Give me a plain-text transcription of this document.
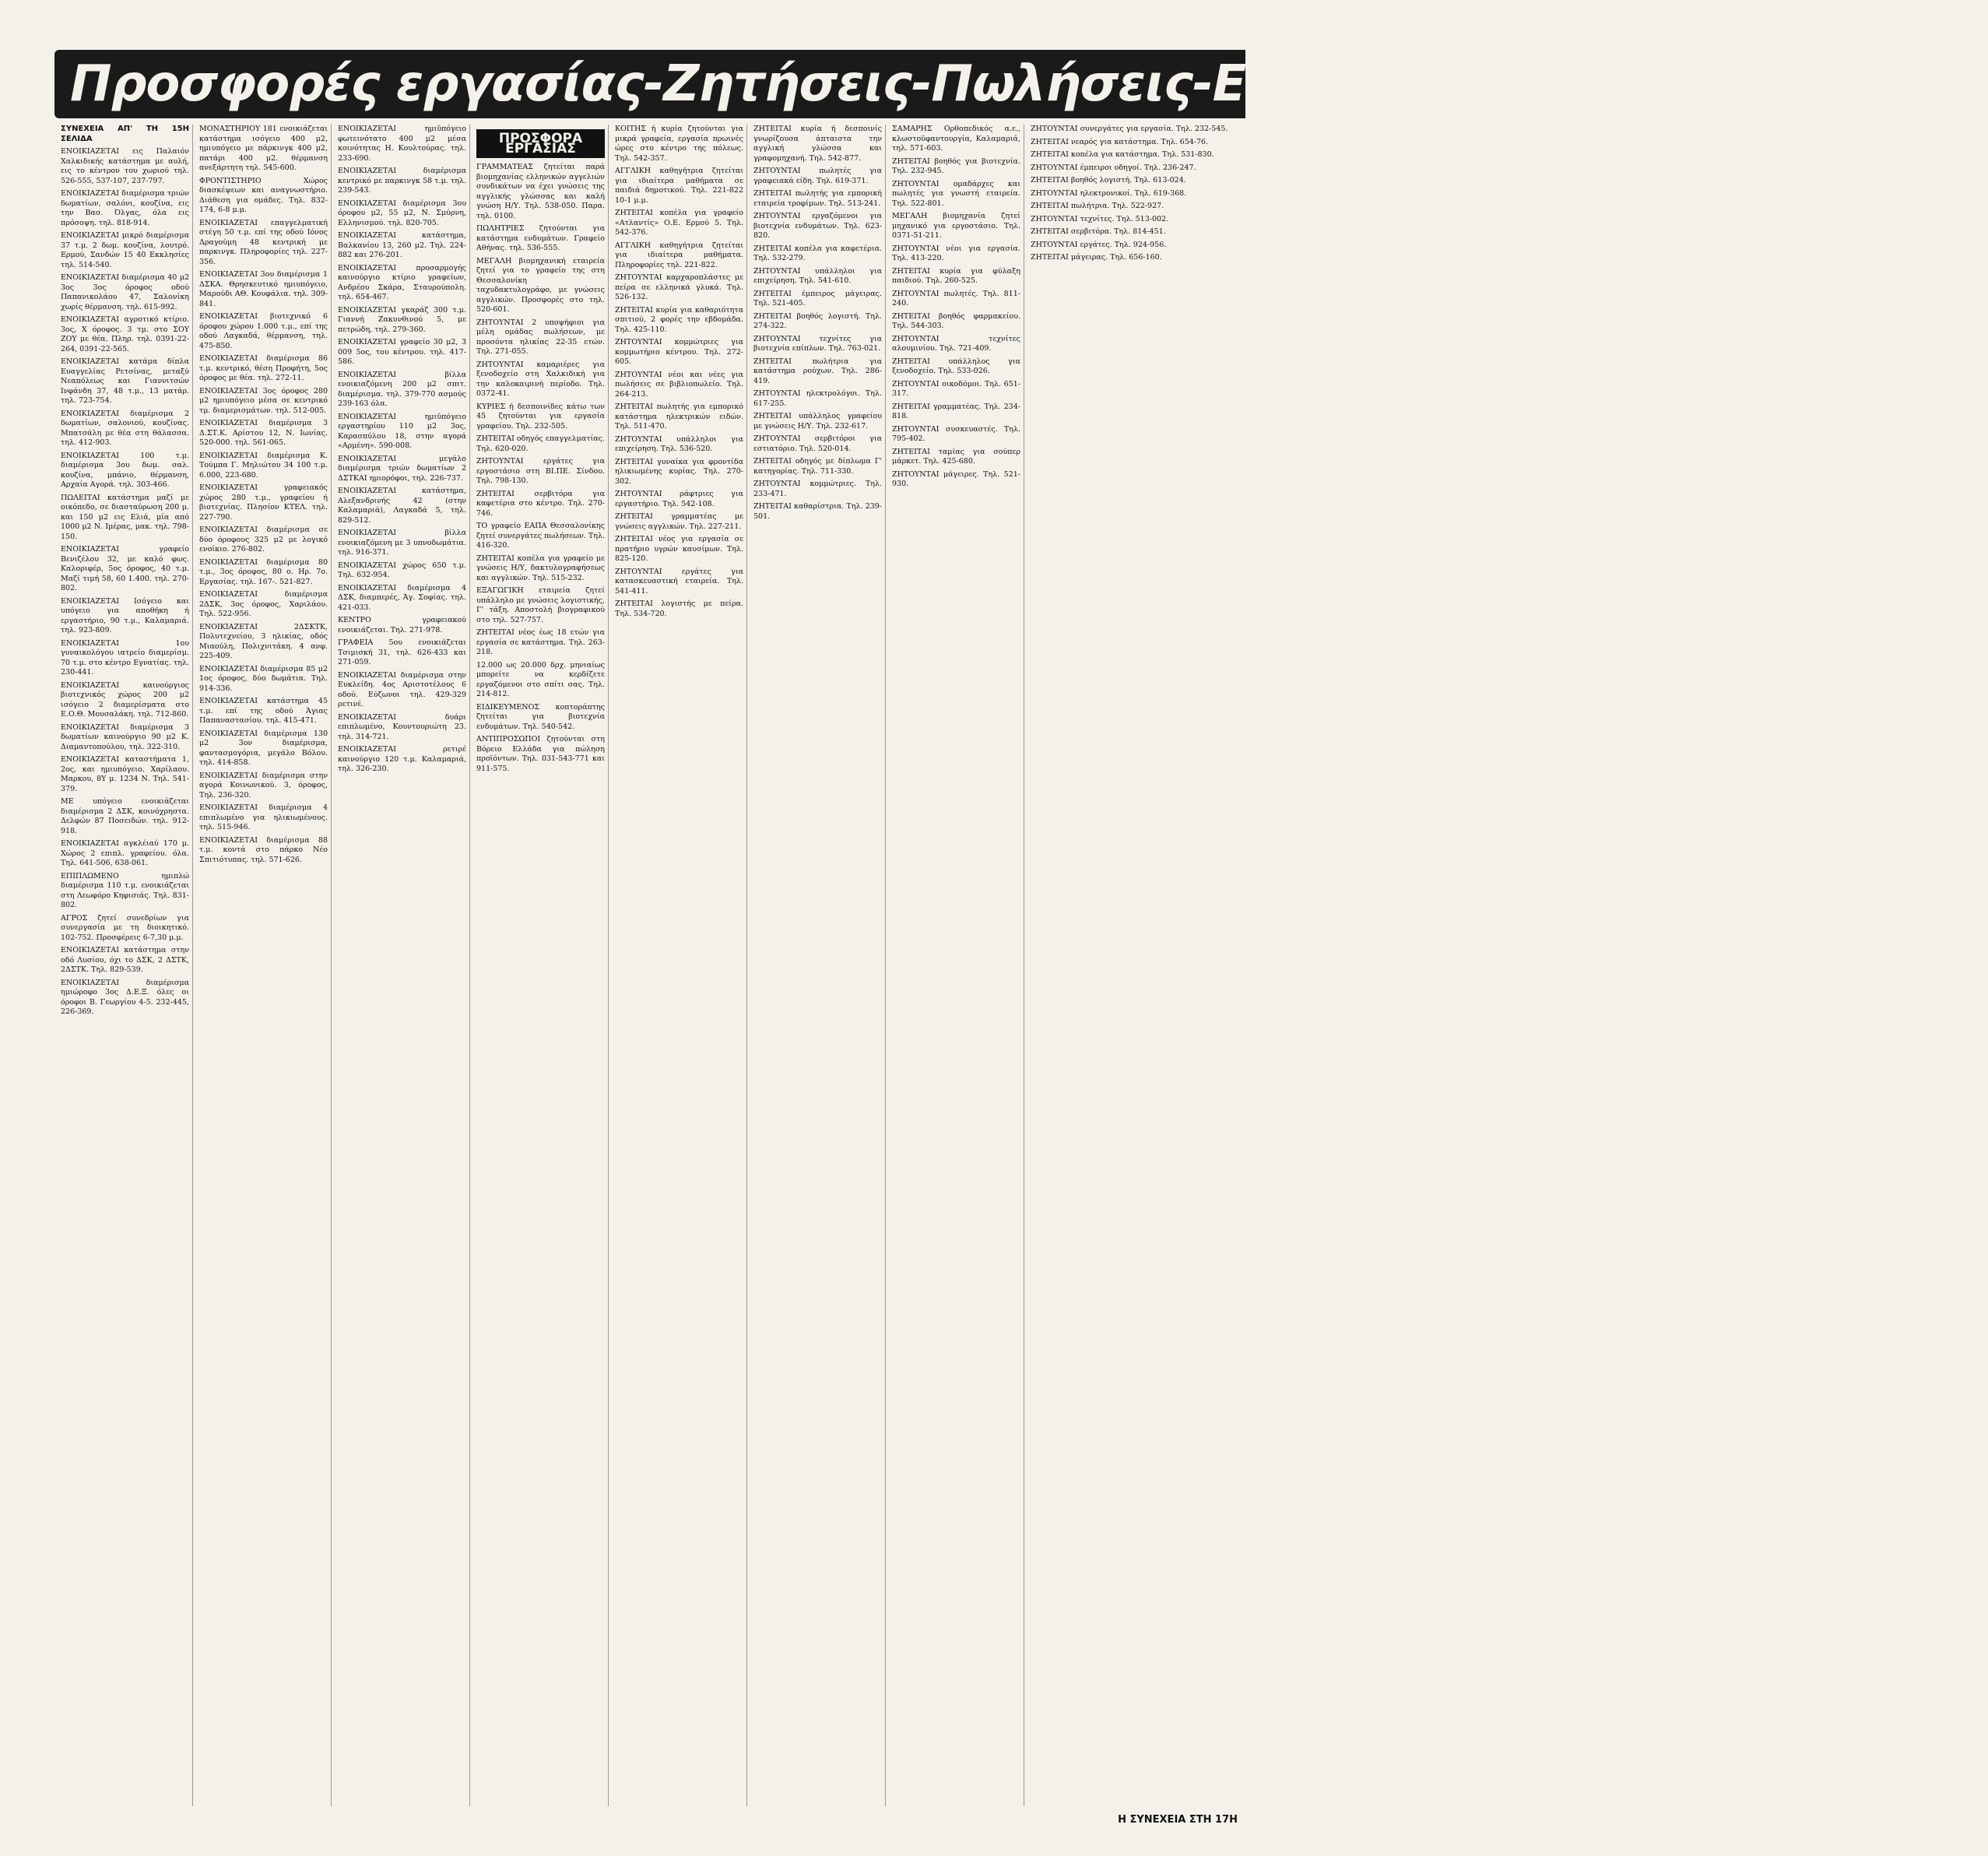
Προσφορές εργασίας-Ζητήσεις-Πωλήσεις-Ενοικιάσεις-Αγορές-Ακίνητα
ΣΥΝΕΧΕΙΑ ΑΠ' ΤΗ 15Η ΣΕΛΙΔΑ

ΕΝΟΙΚΙΑΖΕΤΑΙ εις Παλαιόν Χαλκιδικής κατάστημα με αυλή, εις το κέντρον του χωριού τηλ. 526-555, 537-107, 237-797.

ΕΝΟΙΚΙΑΖΕΤΑΙ διαμέρισμα τριών δωματίων, σαλόνι, κουζίνα, εις την Βασ. Όλγας, όλα εις πρόσοψη. τηλ. 818-914.

ΕΝΟΙΚΙΑΖΕΤΑΙ μικρό διαμέρισμα 37 τ.μ. 2 δωμ. κουζίνα, λουτρό. Ερμού, Σανδών 15 40 Εκκλησίες τηλ. 514-540.

ΕΝΟΙΚΙΑΖΕΤΑΙ διαμέρισμα 40 μ2 3ος 3ος όροφος οδού Παπανικολάου 47, Σαλονίκη χωρίς θέρμανση. τηλ. 615-992.

ΕΝΟΙΚΙΑΖΕΤΑΙ αγροτικό κτίριο. 3ος, Χ όροφος. 3 τμ. στο ΣΟΥ ΖΟΥ με θέα. Πληρ. τηλ. 0391-22-264, 0391-22-565.

ΕΝΟΙΚΙΑΖΕΤΑΙ κατάμα δίπλα Ευαγγελίας Ρετσίνας, μεταξύ Νεαπόλεως και Γιαννιτσών Ινφάνδη 37, 48 τ.μ., 13 ματάρ. τηλ. 723-754.

ΕΝΟΙΚΙΑΖΕΤΑΙ διαμέρισμα 2 δωματίων, σαλονιού, κουζίνας. Μπατσάλη με θέα στη θάλασσα. τηλ. 412-903.

ΕΝΟΙΚΙΑΖΕΤΑΙ 100 τ.μ. διαμέρισμα 3ου δωμ. σαλ. κουζίνα, μπάνιο, θέρμανση, Αρχαία Αγορά. τηλ. 303-466.

ΠΩΛΕΙΤΑΙ κατάστημα μαζί με οικόπεδο, σε διασταύρωση 200 μ. και 150 μ2 εις Ελιά, μία από 1000 μ2 Ν. Ιμέρας, μακ. τηλ. 798-150.

ΕΝΟΙΚΙΑΖΕΤΑΙ γραφείο Βενιζέλου 32, με καλό φως. Καλοριφέρ, 5ος όροφος, 40 τ.μ. Μαζί τιμή 58, 60 1.400. τηλ. 270-802.

ΕΝΟΙΚΙΑΖΕΤΑΙ Ισόγειο και υπόγειο για αποθήκη ή εργαστήριο, 90 τ.μ., Καλαμαριά. τηλ. 923-809.

ΕΝΟΙΚΙΑΖΕΤΑΙ 1ου γυναικολόγου ιατρείο διαμερίσμ. 70 τ.μ. στο κέντρο Εγνατίας. τηλ. 230-441.

ΕΝΟΙΚΙΑΖΕΤΑΙ καινούργιος βιοτεχνικός χώρος 200 μ2 ισόγειο 2 διαμερίσματα στο Ε.Ο.Θ. Μουσαλάκη. τηλ. 712-860.

ΕΝΟΙΚΙΑΖΕΤΑΙ διαμέρισμα 3 δωματίων καινούργιο 90 μ2 Κ. Διαμαντοπούλου, τηλ. 322-310.

ΕΝΟΙΚΙΑΖΕΤΑΙ καταστήματα 1, 2ος, και ημιυπόγειο. Χαρίλαου. Μαρκου, 8Υ μ. 1234 Ν. Τηλ. 541-379.

ΜΕ υπόγειο ενοικιάζεται διαμέρισμα 2 ΔΣΚ, κοινόχρηστα. Δελφών 87 Ποσειδών. τηλ. 912-918.

ΕΝΟΙΚΙΑΖΕΤΑΙ αγκλέιαύ 170 μ. Χώρος 2 επιπλ. γραφείου. όλα. Τηλ. 641-506, 638-061.

ΕΠΙΠΛΩΜΕΝΟ ημιπλώ διαμέρισμα 110 τ.μ. ενοικιάζεται στη Λεωφόρο Κηφισιάς. Τηλ. 831-802.

ΑΓΡΟΣ ζητεί συνεδρίων για συνεργασία με τη διοικητικό. 102-752. Προσφέρεις 6-7,30 μ.μ.

ΕΝΟΙΚΙΑΖΕΤΑΙ κατάστημα στην οδό Λυσίου, όχι το ΔΣΚ, 2 ΔΣΤΚ, 2ΔΣΤΚ. Τηλ. 829-539.

ΕΝΟΙΚΙΑΖΕΤΑΙ διαμέρισμα ημιώροφο 3ος Δ.Ε.Ξ. όλες οι όροφοι Β. Γεωργίου 4-5. 232-445, 226-369.

ΜΟΝΑΣΤΗΡΙΟΥ 181 ενοικιάζεται κατάστημα ισόγειο 400 μ2, ημιυπόγειο με πάρκινγκ 400 μ2, πατάρι 400 μ2. θέρμανση ανεξάρτητη τηλ. 545-600.

ΦΡΟΝΤΙΣΤΗΡΙΟ Χώρος διασκέψεων και αναγνωστήριο. Διάθεση για ομάδες. Τηλ. 832-174, 6-8 μ.μ.

ΕΝΟΙΚΙΑΖΕΤΑΙ επαγγελματική στέγη 50 τ.μ. επί της οδού Ιόνος Δραγούμη 48 κεντρική με παρκινγκ. Πληροφορίες τηλ. 227-356.

ΕΝΟΙΚΙΑΖΕΤΑΙ 3ου διαμέρισμα 1 ΔΣΚΑ. Θρησκευτικό ημιυπόγειο, Μαρούδι ΑΘ. Κουφάλια. τηλ. 309-841.

ΕΝΟΙΚΙΑΖΕΤΑΙ βιοτεχνικό 6 όροφου χώρου 1.000 τ.μ., επί της οδού Λαγκαδά, θέρμανση, τηλ. 475-850.

ΕΝΟΙΚΙΑΖΕΤΑΙ διαμέρισμα 86 τ.μ. κεντρικό, θέση Προφήτη, 5ος όροφος με θέα. τηλ. 272-11.

ΕΝΟΙΚΙΑΖΕΤΑΙ 3ος όροφος 280 μ2 ημιυπόγειο μέσα σε κεντρικό τμ. διαμερισμάτων. τηλ. 512-005.

ΕΝΟΙΚΙΑΖΕΤΑΙ διαμέρισμα 3 Δ.ΣΤ.Κ. Αρίστου 12, Ν. Ιωνίας. 520-000. τηλ. 561-065.

ΕΝΟΙΚΙΑΖΕΤΑΙ διαμέρισμα Κ. Τούμπα Γ. Μηλιώτου 34 100 τ.μ. 6.000, 223-680.

ΕΝΟΙΚΙΑΖΕΤΑΙ γραφειακός χώρος 280 τ.μ., γραφείου ή βιοτεχνίας. Πλησίον ΚΤΕΛ. τηλ. 227-790.

ΕΝΟΙΚΙΑΖΕΤΑΙ διαμέρισμα σε δύο όροφους 325 μ2 με λογικό ενοίκιο. 276-802.

ΕΝΟΙΚΙΑΖΕΤΑΙ διαμέρισμα 80 τ.μ., 3ος όροφος, 80 ο. Ηρ. 7ο. Εργασίας. τηλ. 167-. 521-827.

ΕΝΟΙΚΙΑΖΕΤΑΙ διαμέρισμα 2ΔΣΚ, 3ος όροφος, Χαριλάου. Τηλ. 522-956.

ΕΝΟΙΚΙΑΖΕΤΑΙ 2ΔΣΚΤΚ, Πολυτεχνείου, 3 ηλικίας, οδός Μιαούλη, Πολιχνιτάκη. 4 ανφ. 225-409.

ΕΝΟΙΚΙΑΖΕΤΑΙ διαμέρισμα 85 μ2 1ος όροφος, δύο δωμάτια. Τηλ. 914-336.

ΕΝΟΙΚΙΑΖΕΤΑΙ κατάστημα 45 τ.μ. επί της οδού Άγιας Παπαναστασίου. τηλ. 415-471.

ΕΝΟΙΚΙΑΖΕΤΑΙ διαμέρισμα 130 μ2 3ον διαμέρισμα, φαντασμογόρια, μεγάλο Βόλου. τηλ. 414-858.

ΕΝΟΙΚΙΑΖΕΤΑΙ διαμέρισμα στην αγορά Κοινωνικού. 3, όροφος, Τηλ. 236-320.

ΕΝΟΙΚΙΑΖΕΤΑΙ διαμέρισμα 4 επιπλωμένο για ηλικιωμένους. τηλ. 515-946.

ΕΝΟΙΚΙΑΖΕΤΑΙ διαμέρισμα 88 τ.μ. κοντά στο πάρκο Νέο Σπιτιότυπας. τηλ. 571-626.

ΕΝΟΙΚΙΑΖΕΤΑΙ ημιϋπόγειο φωτεινότατο 400 μ2 μέσα κοινότητας Η. Κουλτούρας. τηλ. 233-690.

ΕΝΟΙΚΙΑΖΕΤΑΙ διαμέρισμα κεντρικό με παρκινγκ 58 τ.μ. τηλ. 239-543.

ΕΝΟΙΚΙΑΖΕΤΑΙ διαμέρισμα 3ου όροφου μ2, 55 μ2, Ν. Σμύρνη, Ελληνισμού. τηλ. 820-705.

ΕΝΟΙΚΙΑΖΕΤΑΙ κατάστημα, Βαλκανίου 13, 260 μ2. Τηλ. 224-882 και 276-201.

ΕΝΟΙΚΙΑΖΕΤΑΙ προσαρμογής καινούργιο κτίριο γραφείων, Ανδρέου Σκάρα, Σταυρούπολη. τηλ. 654-467.

ΕΝΟΙΚΙΑΖΕΤΑΙ γκαράζ 300 τ.μ. Γιαννή Ζακυνθινού 5, με πετρώδη, τηλ. 279-360.

ΕΝΟΙΚΙΑΖΕΤΑΙ γραφείο 30 μ2, 3 009 5ος, του κέντρου. τηλ. 417-586.

ΕΝΟΙΚΙΑΖΕΤΑΙ βίλλα ενοικιαζόμενη 200 μ2 σπιτ. διαμέρισμα. τηλ. 379-770 ασμούς 239-163 όλα.

ΕΝΟΙΚΙΑΖΕΤΑΙ ημιϋπόγειο εργαστηρίου 110 μ2 3ος, Καρασπύλου 18, στην αγορά «Αρμένη». 590-008.

ΕΝΟΙΚΙΑΖΕΤΑΙ μεγάλο διαμέρισμα τριών δωματίων 2 ΔΣΤΚΑΙ ημιορόφοι, τηλ. 226-737.

ΕΝΟΙΚΙΑΖΕΤΑΙ κατάστημα, Αλεξανδρινής 42 (στην Καλαμαριά), Λαγκαδά 5, τηλ. 829-512.

ΕΝΟΙΚΙΑΖΕΤΑΙ βίλλα ενοικιαζόμενη με 3 υπνοδωμάτια. τηλ. 916-371.

ΕΝΟΙΚΙΑΖΕΤΑΙ χώρος 650 τ.μ. Τηλ. 632-954.

ΕΝΟΙΚΙΑΖΕΤΑΙ διαμέρισμα 4 ΔΣΚ, διαμπερές, Άγ. Σοφίας. τηλ. 421-033.

ΚΕΝΤΡΟ γραφειακού ενοικιάζεται. Τηλ. 271-978.

ΓΡΑΦΕΙΑ 5ου ενοικιάζεται Τσιμισκή 31, τηλ. 626-433 και 271-059.

ΕΝΟΙΚΙΑΖΕΤΑΙ διαμέρισμα στην Ευκλείδη. 4ος Αριστοτέλους 6 οδού. Εύζωνοι τηλ. 429-329 ρετινέ.

ΕΝΟΙΚΙΑΖΕΤΑΙ δυάρι επιπλωμένο, Κουντουριώτη 23. τηλ. 314-721.

ΕΝΟΙΚΙΑΖΕΤΑΙ ρετιρέ καινούργιο 120 τ.μ. Καλαμαριά, τηλ. 326-230.

ΠΡΟΣΦΟΡΑ ΕΡΓΑΣΙΑΣ

ΓΡΑΜΜΑΤΕΑΣ ζητείται παρά βιομηχανίας ελληνικών αγγελιών συνδικάτων να έχει γνώσεις της αγγλικής γλώσσας και καλή γνώση Η/Υ. Τηλ. 538-050. Παρα. τηλ. 0100.

ΠΩΛΗΤΡΙΕΣ ζητούνται για κατάστημα ενδυμάτων. Γραφείο Αθήνας. τηλ. 536-555.

ΜΕΓΑΛΗ βιομηχανική εταιρεία ζητεί για το γραφείο της στη Θεσσαλονίκη ταχυδακτυλογράφο, με γνώσεις αγγλικών. Προσφορές στο τηλ. 520-601.

ΖΗΤΟΥΝΤΑΙ 2 υποψήφιοι για μέλη ομάδας πωλήσεων, με προσόντα ηλικίας 22-35 ετών. Τηλ. 271-055.

ΖΗΤΟΥΝΤΑΙ καμαριέρες για ξενοδοχείο στη Χαλκιδική για την καλοκαιρινή περίοδο. Τηλ. 0372-41.

ΚΥΡΙΕΣ ή δεσποινίδες κάτω των 45 ζητούνται για εργασία γραφείου. Τηλ. 232-505.

ΖΗΤΕΙΤΑΙ οδηγός επαγγελματίας. Τηλ. 620-020.

ΖΗΤΟΥΝΤΑΙ εργάτες για εργοστάσιο στη ΒΙ.ΠΕ. Σίνδου. Τηλ. 798-130.

ΖΗΤΕΙΤΑΙ σερβιτόρα για καφετέρια στο κέντρο. Τηλ. 270-746.

ΤΟ γραφείο ΕΑΠΑ Θεσσαλονίκης ζητεί συνεργάτες πωλήσεων. Τηλ. 416-320.

ΖΗΤΕΙΤΑΙ κοπέλα για γραφείο με γνώσεις Η/Υ, δακτυλογραφήσεως και αγγλικών. Τηλ. 515-232.

ΕΞΑΓΩΓΙΚΗ εταιρεία ζητεί υπάλληλο με γνώσεις λογιστικής, Γ' τάξη. Αποστολή βιογραφικού στο τηλ. 527-757.

ΖΗΤΕΙΤΑΙ νέος έως 18 ετών για εργασία σε κατάστημα. Τηλ. 263-218.

12.000 ως 20.000 δρχ. μηνιαίως μπορείτε να κερδίζετε εργαζόμενοι στο σπίτι σας. Τηλ. 214-812.

ΕΙΔΙΚΕΥΜΕΝΟΣ κοπτοράπτης ζητείται για βιοτεχνία ενδυμάτων. Τηλ. 540-542.

ΑΝΤΙΠΡΟΣΩΠΟΙ ζητούνται στη Βόρειο Ελλάδα για πώληση προϊόντων. Τηλ. 031-543-771 και 911-575.

ΚΟΙΤΗΣ ή κυρία ζητούνται για μικρά γραφεία, εργασία πρωινές ώρες στο κέντρο της πόλεως. Τηλ. 542-357.

ΑΓΓΛΙΚΗ καθηγήτρια ζητείται για ιδιαίτερα μαθήματα σε παιδιά δημοτικού. Τηλ. 221-822 10-1 μ.μ.

ΖΗΤΕΙΤΑΙ κοπέλα για γραφείο «Ατλαντίς» Ο.Ε. Ερμού 5. Τηλ. 542-376.

ΑΓΓΛΙΚΗ καθηγήτρια ζητείται για ιδιαίτερα μαθήματα. Πληροφορίες τηλ. 221-822.

ΖΗΤΟΥΝΤΑΙ καρχαροπλάστες με πείρα σε ελληνικά γλυκά. Τηλ. 526-132.

ΖΗΤΕΙΤΑΙ κυρία για καθαριότητα σπιτιού, 2 φορές την εβδομάδα. Τηλ. 425-110.

ΖΗΤΟΥΝΤΑΙ κομμώτριες για κομμωτήριο κέντρου. Τηλ. 272-605.

ΖΗΤΟΥΝΤΑΙ νέοι και νέες για πωλήσεις σε βιβλιοπωλείο. Τηλ. 264-213.

ΖΗΤΕΙΤΑΙ πωλητής για εμπορικό κατάστημα ηλεκτρικών ειδών. Τηλ. 511-470.

ΖΗΤΟΥΝΤΑΙ υπάλληλοι για επιχείρηση. Τηλ. 536-520.

ΖΗΤΕΙΤΑΙ γυναίκα για φροντίδα ηλικιωμένης κυρίας. Τηλ. 270-302.

ΖΗΤΟΥΝΤΑΙ ράφτριες για εργαστήριο. Τηλ. 542-108.

ΖΗΤΕΙΤΑΙ γραμματέας με γνώσεις αγγλικών. Τηλ. 227-211.

ΖΗΤΕΙΤΑΙ νέος για εργασία σε πρατήριο υγρών καυσίμων. Τηλ. 825-120.

ΖΗΤΟΥΝΤΑΙ εργάτες για κατασκευαστική εταιρεία. Τηλ. 541-411.

ΖΗΤΕΙΤΑΙ λογιστής με πείρα. Τηλ. 534-720.

ΖΗΤΕΙΤΑΙ κυρία ή δεσποινίς γνωρίζουσα άπταιστα την αγγλική γλώσσα και γραφομηχανή. Τηλ. 542-877.

ΖΗΤΟΥΝΤΑΙ πωλητές για γραφειακά είδη. Τηλ. 619-371.

ΖΗΤΕΙΤΑΙ πωλητής για εμπορική εταιρεία τροφίμων. Τηλ. 513-241.

ΖΗΤΟΥΝΤΑΙ εργαζόμενοι για βιοτεχνία ενδυμάτων. Τηλ. 623-820.

ΖΗΤΕΙΤΑΙ κοπέλα για καφετέρια. Τηλ. 532-279.

ΖΗΤΟΥΝΤΑΙ υπάλληλοι για επιχείρηση. Τηλ. 541-610.

ΖΗΤΕΙΤΑΙ έμπειρος μάγειρας. Τηλ. 521-405.

ΖΗΤΕΙΤΑΙ βοηθός λογιστή. Τηλ. 274-322.

ΖΗΤΟΥΝΤΑΙ τεχνίτες για βιοτεχνία επίπλων. Τηλ. 763-021.

ΖΗΤΕΙΤΑΙ πωλήτρια για κατάστημα ρούχων. Τηλ. 286-419.

ΖΗΤΟΥΝΤΑΙ ηλεκτρολόγοι. Τηλ. 617-255.

ΖΗΤΕΙΤΑΙ υπάλληλος γραφείου με γνώσεις Η/Υ. Τηλ. 232-617.

ΖΗΤΟΥΝΤΑΙ σερβιτόροι για εστιατόριο. Τηλ. 520-014.

ΖΗΤΕΙΤΑΙ οδηγός με δίπλωμα Γ' κατηγορίας. Τηλ. 711-330.

ΖΗΤΟΥΝΤΑΙ κομμώτριες. Τηλ. 233-471.

ΖΗΤΕΙΤΑΙ καθαρίστρια. Τηλ. 239-501.

ΣΑΜΑΡΗΣ Ορθοπεδικός α.ε., κλωστοϋφαντουργία, Καλαμαριά, τηλ. 571-603.

ΖΗΤΕΙΤΑΙ βοηθός για βιοτεχνία. Τηλ. 232-945.

ΖΗΤΟΥΝΤΑΙ ομαδάρχες και πωλητές για γνωστή εταιρεία. Τηλ. 522-801.

ΜΕΓΑΛΗ βιομηχανία ζητεί μηχανικό για εργοστάσιο. Τηλ. 0371-51-211.

ΖΗΤΟΥΝΤΑΙ νέοι για εργασία. Τηλ. 413-220.

ΖΗΤΕΙΤΑΙ κυρία για φύλαξη παιδιού. Τηλ. 260-525.

ΖΗΤΟΥΝΤΑΙ πωλητές. Τηλ. 811-240.

ΖΗΤΕΙΤΑΙ βοηθός φαρμακείου. Τηλ. 544-303.

ΖΗΤΟΥΝΤΑΙ τεχνίτες αλουμινίου. Τηλ. 721-409.

ΖΗΤΕΙΤΑΙ υπάλληλος για ξενοδοχείο. Τηλ. 533-026.

ΖΗΤΟΥΝΤΑΙ οικοδόμοι. Τηλ. 651-317.

ΖΗΤΕΙΤΑΙ γραμματέας. Τηλ. 234-818.

ΖΗΤΟΥΝΤΑΙ συσκευαστές. Τηλ. 795-402.

ΖΗΤΕΙΤΑΙ ταμίας για σούπερ μάρκετ. Τηλ. 425-680.

ΖΗΤΟΥΝΤΑΙ μάγειρες. Τηλ. 521-930.

ΖΗΤΟΥΝΤΑΙ συνεργάτες για εργασία. Τηλ. 232-545.

ΖΗΤΕΙΤΑΙ νεαρός για κατάστημα. Τηλ. 654-76.

ΖΗΤΕΙΤΑΙ κοπέλα για κατάστημα. Τηλ. 531-830.

ΖΗΤΟΥΝΤΑΙ έμπειροι οδηγοί. Τηλ. 236-247.

ΖΗΤΕΙΤΑΙ βοηθός λογιστή. Τηλ. 613-024.

ΖΗΤΟΥΝΤΑΙ ηλεκτρονικοί. Τηλ. 619-368.

ΖΗΤΕΙΤΑΙ πωλήτρια. Τηλ. 522-927.

ΖΗΤΟΥΝΤΑΙ τεχνίτες. Τηλ. 513-002.

ΖΗΤΕΙΤΑΙ σερβιτόρα. Τηλ. 814-451.

ΖΗΤΟΥΝΤΑΙ εργάτες. Τηλ. 924-956.

ΖΗΤΕΙΤΑΙ μάγειρας. Τηλ. 656-160.

Η ΣΥΝΕΧΕΙΑ ΣΤΗ 17Η
